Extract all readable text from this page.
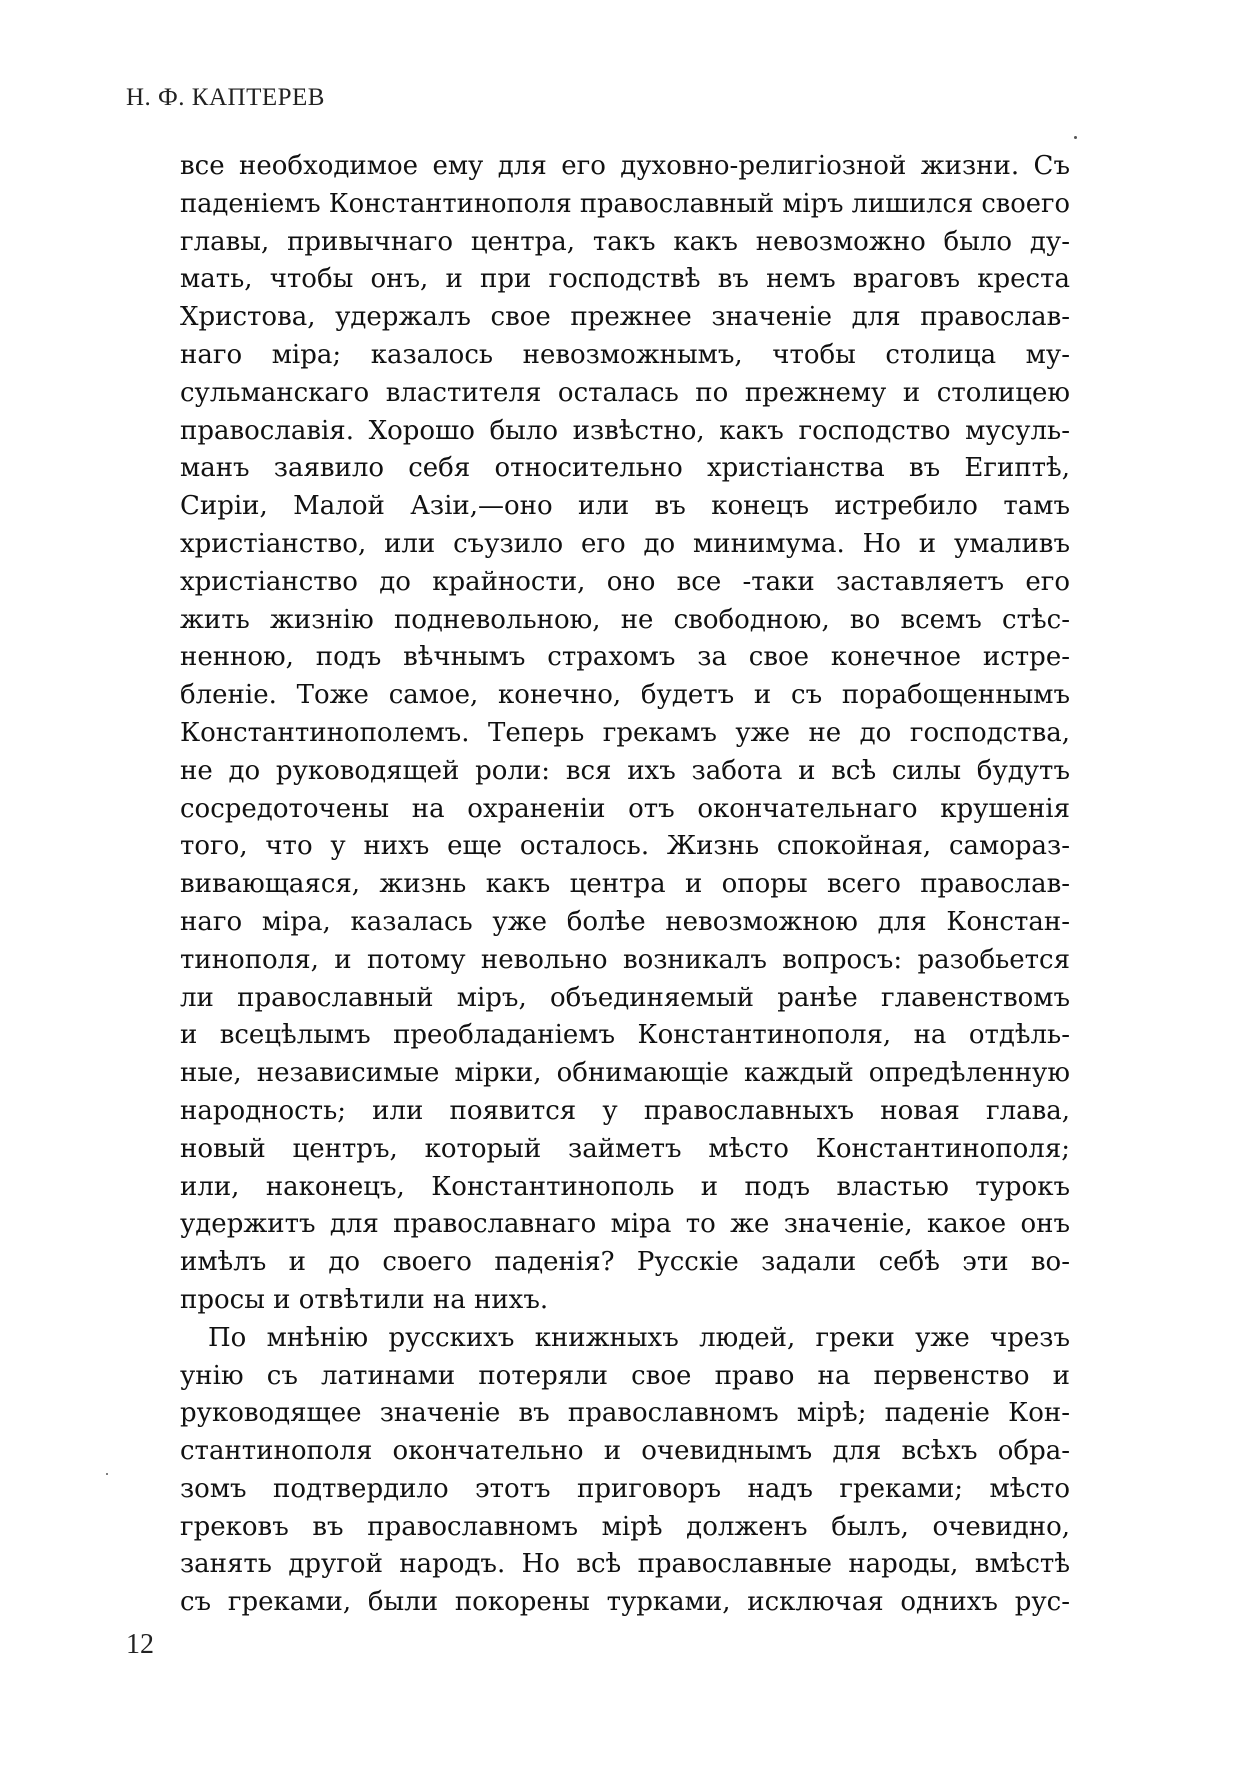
Н. Ф. КАПТЕРЕВ
все необходимое ему для его духовно-религiозной жизни. Съ
паденiемъ Константинополя православный мiръ лишился своего
главы, привычнаго центра, такъ какъ невозможно было ду-
мать, чтобы онъ, и при господствѣ въ немъ враговъ креста
Христова, удержалъ свое прежнее значенiе для православ-
наго мiра; казалось невозможнымъ, чтобы столица му-
сульманскаго властителя осталась по прежнему и столицею
православiя. Хорошо было извѣстно, какъ господство мусуль-
манъ заявило себя относительно христiанства въ Египтѣ,
Сирiи, Малой Азiи,—оно или въ конецъ истребило тамъ
христiанство, или съузило его до минимума. Но и умаливъ
христiанство до крайности, оно все -таки заставляетъ его
жить жизнiю подневольною, не свободною, во всемъ стѣс-
ненною, подъ вѣчнымъ страхомъ за свое конечное истре-
бленiе. Тоже самое, конечно, будетъ и съ порабощеннымъ
Константинополемъ. Теперь грекамъ уже не до господства,
не до руководящей роли: вся ихъ забота и всѣ силы будутъ
сосредоточены на охраненiи отъ окончательнаго крушенiя
того, что у нихъ еще осталось. Жизнь спокойная, самораз-
вивающаяся, жизнь какъ центра и опоры всего православ-
наго мiра, казалась уже болѣе невозможною для Констан-
тинополя, и потому невольно возникалъ вопросъ: разобьется
ли православный мiръ, объединяемый ранѣе главенствомъ
и всецѣлымъ преобладанiемъ Константинополя, на отдѣль-
ные, независимые мiрки, обнимающiе каждый опредѣленную
народность; или появится у православныхъ новая глава,
новый центръ, который займетъ мѣсто Константинополя;
или, наконецъ, Константинополь и подъ властью турокъ
удержитъ для православнаго мiра то же значенiе, какое онъ
имѣлъ и до своего паденiя? Русскiе задали себѣ эти во-
просы и отвѣтили на нихъ.
По мнѣнiю русскихъ книжныхъ людей, греки уже чрезъ
унiю съ латинами потеряли свое право на первенство и
руководящее значенiе въ православномъ мiрѣ; паденiе Кон-
стантинополя окончательно и очевиднымъ для всѣхъ обра-
зомъ подтвердило этотъ приговоръ надъ греками; мѣсто
грековъ въ православномъ мiрѣ долженъ былъ, очевидно,
занять другой народъ. Но всѣ православные народы, вмѣстѣ
съ греками, были покорены турками, исключая однихъ рус-
12
